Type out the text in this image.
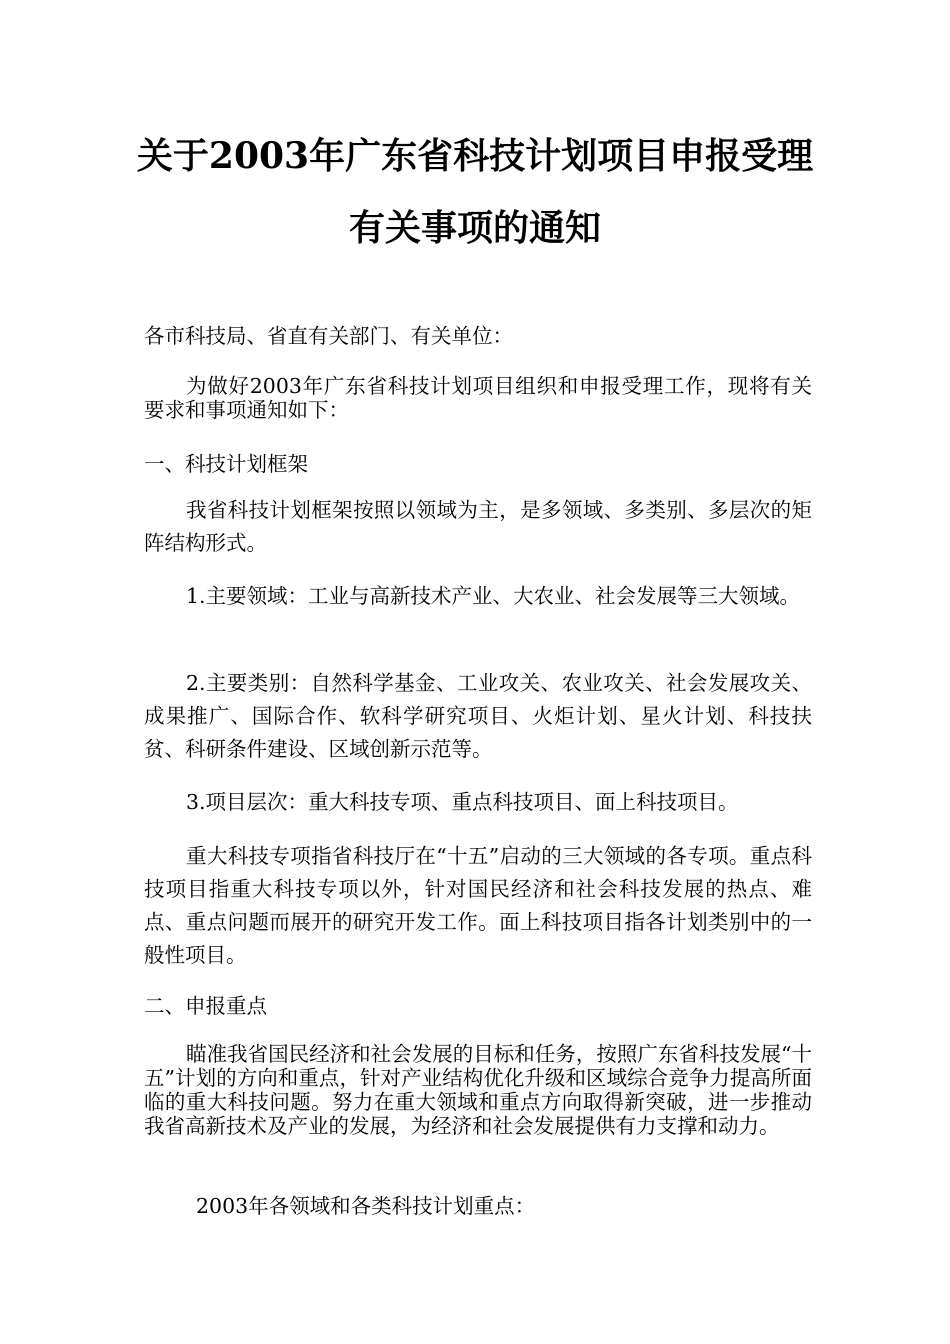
关于2003年广东省科技计划项目申报受理
有关事项的通知

各市科技局、省直有关部门、有关单位：

为做好2003年广东省科技计划项目组织和申报受理工作，现将有关要求和事项通知如下：

一、科技计划框架

我省科技计划框架按照以领域为主，是多领域、多类别、多层次的矩阵结构形式。

1.主要领域：工业与高新技术产业、大农业、社会发展等三大领域。

2.主要类别：自然科学基金、工业攻关、农业攻关、社会发展攻关、成果推广、国际合作、软科学研究项目、火炬计划、星火计划、科技扶贫、科研条件建设、区域创新示范等。

3.项目层次：重大科技专项、重点科技项目、面上科技项目。

重大科技专项指省科技厅在“十五”启动的三大领域的各专项。重点科技项目指重大科技专项以外，针对国民经济和社会科技发展的热点、难点、重点问题而展开的研究开发工作。面上科技项目指各计划类别中的一般性项目。

二、申报重点

瞄准我省国民经济和社会发展的目标和任务，按照广东省科技发展“十五”计划的方向和重点，针对产业结构优化升级和区域综合竞争力提高所面临的重大科技问题。努力在重大领域和重点方向取得新突破，进一步推动我省高新技术及产业的发展，为经济和社会发展提供有力支撑和动力。

2003年各领域和各类科技计划重点：
